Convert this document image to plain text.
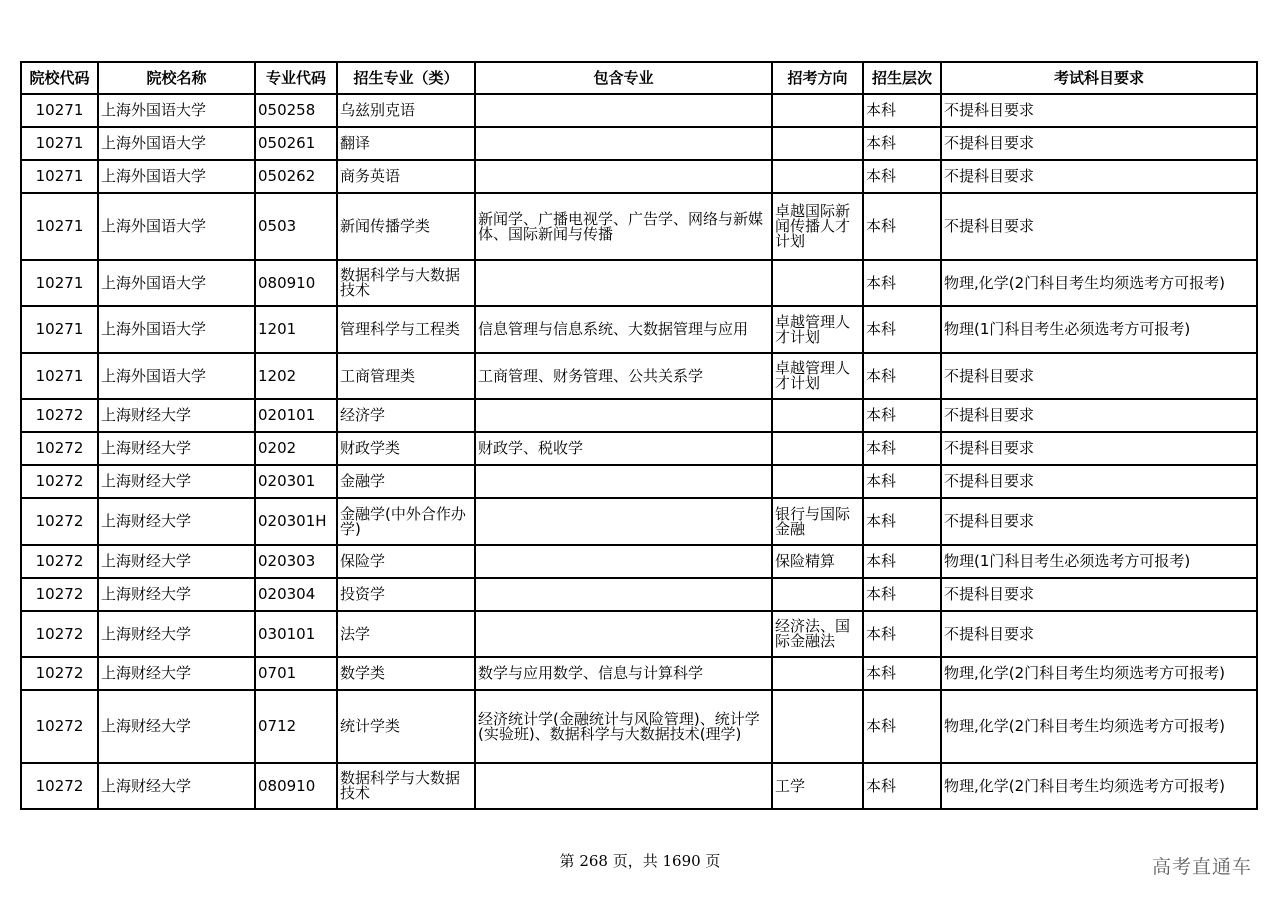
院校代码	院校名称	专业代码	招生专业（类）	包含专业	招考方向	招生层次	考试科目要求
10271	上海外国语大学	050258	乌兹别克语			本科	不提科目要求
10271	上海外国语大学	050261	翻译			本科	不提科目要求
10271	上海外国语大学	050262	商务英语			本科	不提科目要求
10271	上海外国语大学	0503	新闻传播学类	新闻学、广播电视学、广告学、网络与新媒体、国际新闻与传播	卓越国际新闻传播人才计划	本科	不提科目要求
10271	上海外国语大学	080910	数据科学与大数据技术			本科	物理,化学(2门科目考生均须选考方可报考)
10271	上海外国语大学	1201	管理科学与工程类	信息管理与信息系统、大数据管理与应用	卓越管理人才计划	本科	物理(1门科目考生必须选考方可报考)
10271	上海外国语大学	1202	工商管理类	工商管理、财务管理、公共关系学	卓越管理人才计划	本科	不提科目要求
10272	上海财经大学	020101	经济学			本科	不提科目要求
10272	上海财经大学	0202	财政学类	财政学、税收学		本科	不提科目要求
10272	上海财经大学	020301	金融学			本科	不提科目要求
10272	上海财经大学	020301H	金融学(中外合作办学)		银行与国际金融	本科	不提科目要求
10272	上海财经大学	020303	保险学		保险精算	本科	物理(1门科目考生必须选考方可报考)
10272	上海财经大学	020304	投资学			本科	不提科目要求
10272	上海财经大学	030101	法学		经济法、国际金融法	本科	不提科目要求
10272	上海财经大学	0701	数学类	数学与应用数学、信息与计算科学		本科	物理,化学(2门科目考生均须选考方可报考)
10272	上海财经大学	0712	统计学类	经济统计学(金融统计与风险管理)、统计学(实验班)、数据科学与大数据技术(理学)		本科	物理,化学(2门科目考生均须选考方可报考)
10272	上海财经大学	080910	数据科学与大数据技术		工学	本科	物理,化学(2门科目考生均须选考方可报考)
第 268 页，共 1690 页	高考直通车
